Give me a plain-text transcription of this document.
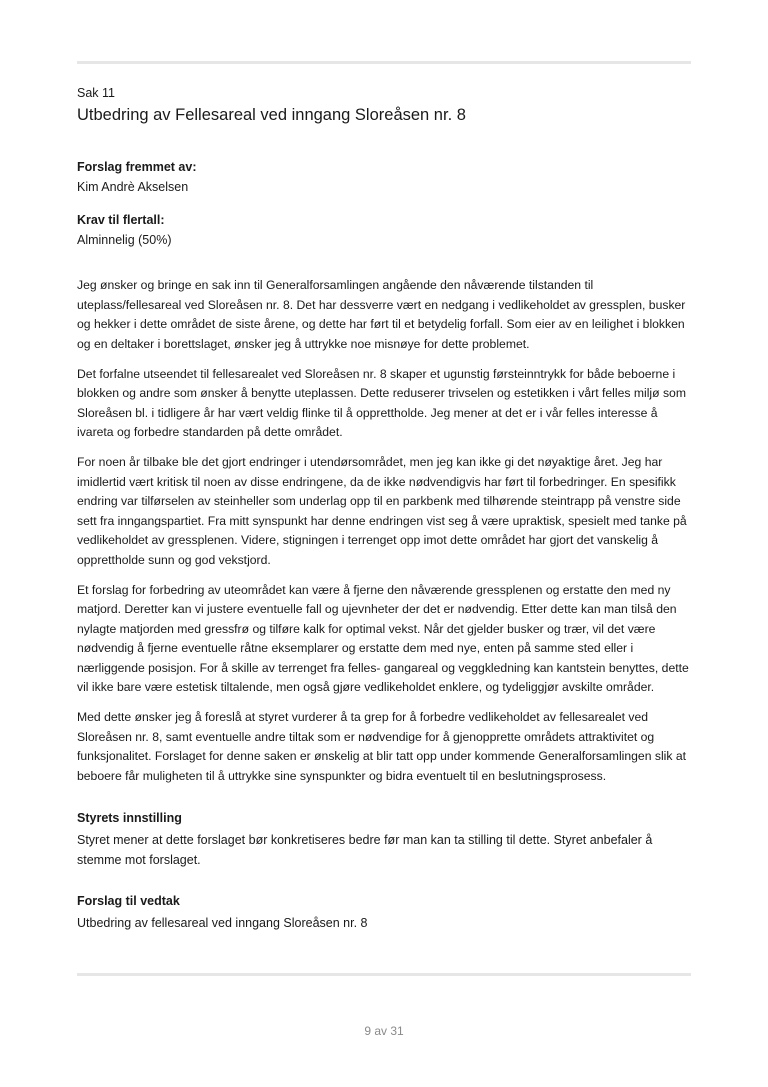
Sak 11

Utbedring av Fellesareal ved inngang Sloreåsen nr. 8

Forslag fremmet av:

Kim Andrè Akselsen

Krav til flertall:

Alminnelig (50%)

Jeg ønsker og bringe en sak inn til Generalforsamlingen angående den nåværende tilstanden til uteplass/fellesareal ved Sloreåsen nr. 8. Det har dessverre vært en nedgang i vedlikeholdet av gressplen, busker og hekker i dette området de siste årene, og dette har ført til et betydelig forfall. Som eier av en leilighet i blokken og en deltaker i borettslaget, ønsker jeg å uttrykke noe misnøye for dette problemet.

Det forfalne utseendet til fellesarealet ved Sloreåsen nr. 8 skaper et ugunstig førsteinntrykk for både beboerne i blokken og andre som ønsker å benytte uteplassen. Dette reduserer trivselen og estetikken i vårt felles miljø som Sloreåsen bl. i tidligere år har vært veldig flinke til å opprettholde. Jeg mener at det er i vår felles interesse å ivareta og forbedre standarden på dette området.

For noen år tilbake ble det gjort endringer i utendørsområdet, men jeg kan ikke gi det nøyaktige året. Jeg har imidlertid vært kritisk til noen av disse endringene, da de ikke nødvendigvis har ført til forbedringer. En spesifikk endring var tilførselen av steinheller som underlag opp til en parkbenk med tilhørende steintrapp på venstre side sett fra inngangspartiet. Fra mitt synspunkt har denne endringen vist seg å være upraktisk, spesielt med tanke på vedlikeholdet av gressplenen. Videre, stigningen i terrenget opp imot dette området har gjort det vanskelig å opprettholde sunn og god vekstjord.

Et forslag for forbedring av uteområdet kan være å fjerne den nåværende gressplenen og erstatte den med ny matjord. Deretter kan vi justere eventuelle fall og ujevnheter der det er nødvendig. Etter dette kan man tilså den nylagte matjorden med gressfrø og tilføre kalk for optimal vekst. Når det gjelder busker og trær, vil det være nødvendig å fjerne eventuelle råtne eksemplarer og erstatte dem med nye, enten på samme sted eller i nærliggende posisjon. For å skille av terrenget fra felles- gangareal og veggkledning kan kantstein benyttes, dette vil ikke bare være estetisk tiltalende, men også gjøre vedlikeholdet enklere, og tydeliggjør avskilte områder.

Med dette ønsker jeg å foreslå at styret vurderer å ta grep for å forbedre vedlikeholdet av fellesarealet ved Sloreåsen nr. 8, samt eventuelle andre tiltak som er nødvendige for å gjenopprette områdets attraktivitet og funksjonalitet. Forslaget for denne saken er ønskelig at blir tatt opp under kommende Generalforsamlingen slik at beboere får muligheten til å uttrykke sine synspunkter og bidra eventuelt til en beslutningsprosess.

Styrets innstilling

Styret mener at dette forslaget bør konkretiseres bedre før man kan ta stilling til dette. Styret anbefaler å stemme mot forslaget.

Forslag til vedtak

Utbedring av fellesareal ved inngang Sloreåsen nr. 8

9 av 31
